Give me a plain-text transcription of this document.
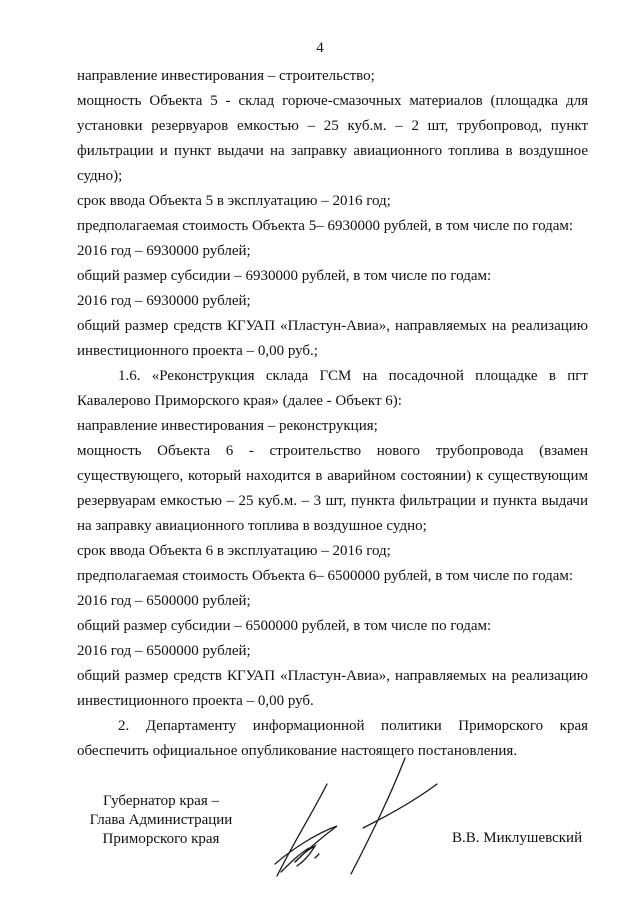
4

направление инвестирования – строительство;

мощность Объекта 5 - склад горюче-смазочных материалов (площадка для установки резервуаров емкостью – 25 куб.м. – 2 шт, трубопровод, пункт фильтрации и пункт выдачи на заправку авиационного топлива в воздушное судно);

срок ввода Объекта 5 в эксплуатацию – 2016 год;

предполагаемая стоимость Объекта 5– 6930000 рублей, в том числе по годам:

2016 год – 6930000 рублей;

общий размер субсидии – 6930000 рублей, в том числе по годам:

2016 год – 6930000 рублей;

общий размер средств КГУАП «Пластун-Авиа», направляемых на реализацию инвестиционного проекта – 0,00 руб.;

1.6. «Реконструкция склада ГСМ на посадочной площадке в пгт Кавалерово Приморского края» (далее - Объект 6):

направление инвестирования – реконструкция;

мощность Объекта 6 - строительство нового трубопровода (взамен существующего, который находится в аварийном состоянии) к существующим резервуарам емкостью – 25 куб.м. – 3 шт, пункта фильтрации и пункта выдачи на заправку авиационного топлива в воздушное судно;

срок ввода Объекта 6 в эксплуатацию – 2016 год;

предполагаемая стоимость Объекта 6– 6500000 рублей, в том числе по годам:

2016 год – 6500000 рублей;

общий размер субсидии – 6500000 рублей, в том числе по годам:

2016 год – 6500000 рублей;

общий размер средств КГУАП «Пластун-Авиа», направляемых на реализацию инвестиционного проекта – 0,00 руб.

2. Департаменту информационной политики Приморского края обеспечить официальное опубликование настоящего постановления.

Губернатор края –
Глава Администрации
Приморского края	В.В. Миклушевский
